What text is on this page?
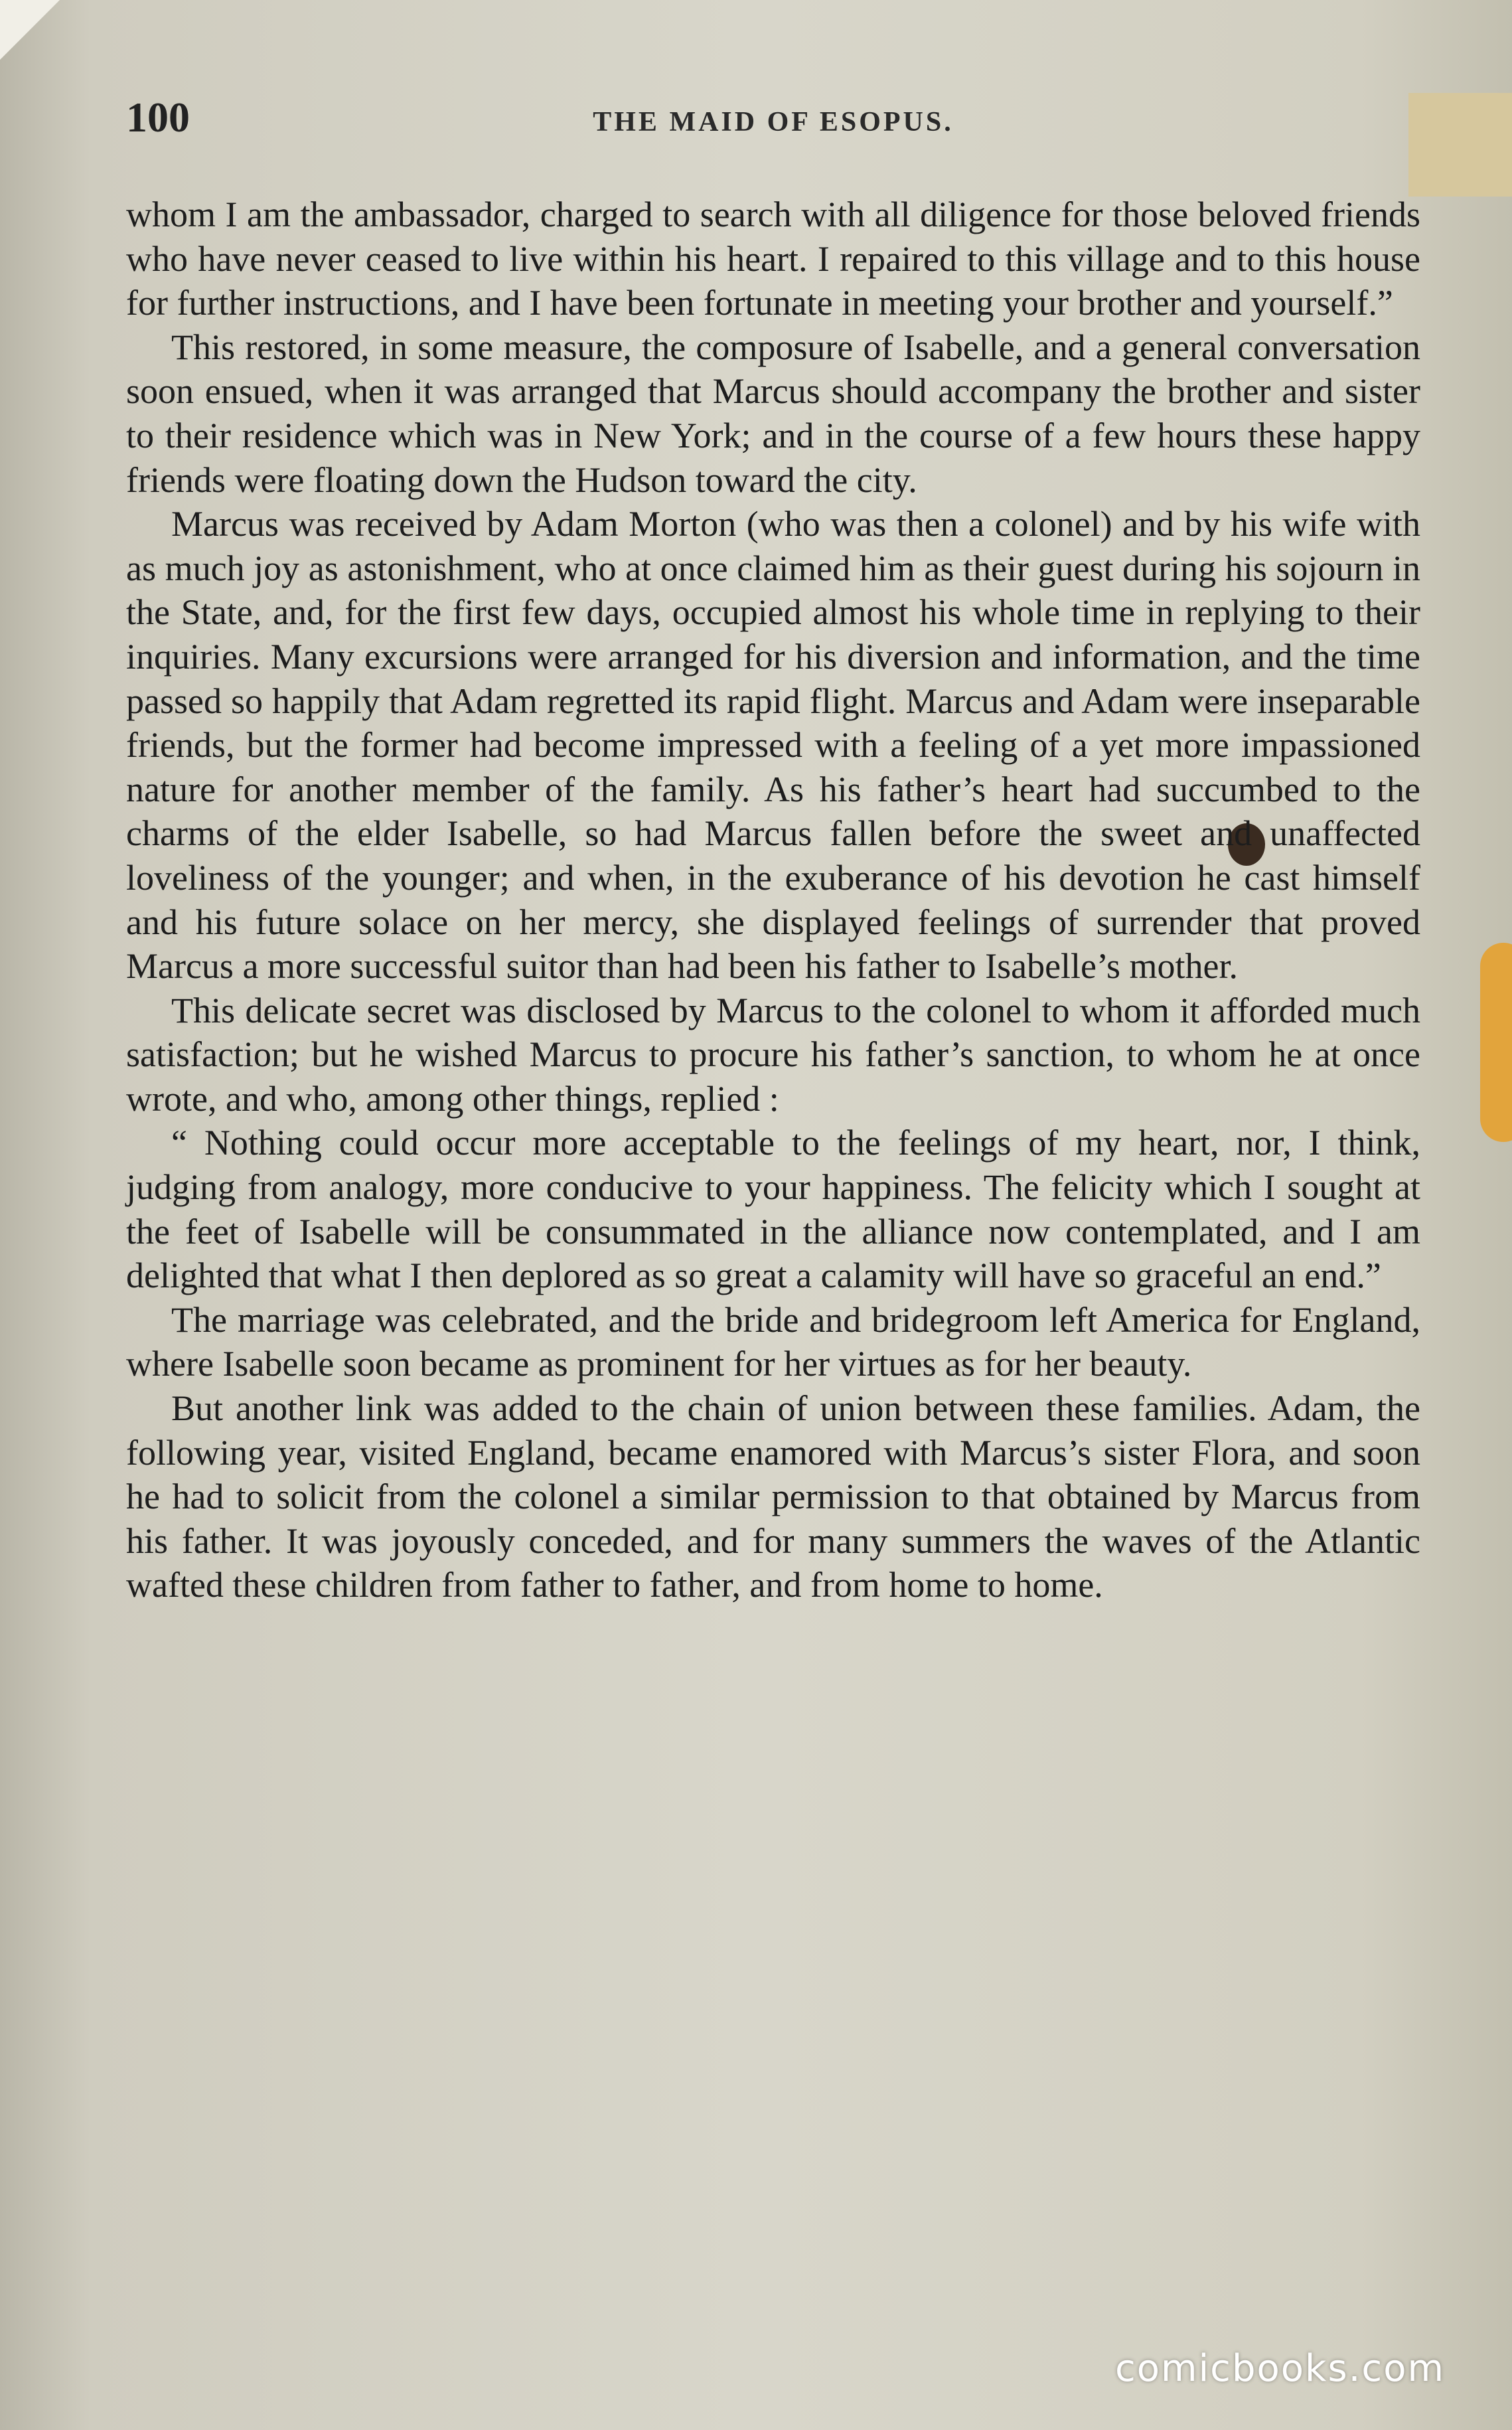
100	THE MAID OF ESOPUS.

whom I am the ambassador, charged to search with all diligence for those beloved friends who have never ceased to live within his heart. I repaired to this village and to this house for further instructions, and I have been fortunate in meeting your brother and yourself.”

This restored, in some measure, the composure of Isabelle, and a general conversation soon ensued, when it was arranged that Marcus should accompany the brother and sister to their residence which was in New York; and in the course of a few hours these happy friends were floating down the Hudson toward the city.

Marcus was received by Adam Morton (who was then a colonel) and by his wife with as much joy as astonishment, who at once claimed him as their guest during his sojourn in the State, and, for the first few days, occupied almost his whole time in replying to their inquiries. Many excursions were arranged for his diversion and information, and the time passed so happily that Adam regretted its rapid flight. Marcus and Adam were inseparable friends, but the former had become impressed with a feeling of a yet more impassioned nature for another member of the family. As his father’s heart had succumbed to the charms of the elder Isabelle, so had Marcus fallen before the sweet and unaffected loveliness of the younger; and when, in the exuberance of his devotion he cast himself and his future solace on her mercy, she displayed feelings of surrender that proved Marcus a more successful suitor than had been his father to Isabelle’s mother.

This delicate secret was disclosed by Marcus to the colonel to whom it afforded much satisfaction; but he wished Marcus to procure his father’s sanction, to whom he at once wrote, and who, among other things, replied :

“ Nothing could occur more acceptable to the feelings of my heart, nor, I think, judging from analogy, more conducive to your happiness. The felicity which I sought at the feet of Isabelle will be consummated in the alliance now contemplated, and I am delighted that what I then deplored as so great a calamity will have so graceful an end.”

The marriage was celebrated, and the bride and bridegroom left America for England, where Isabelle soon became as prominent for her virtues as for her beauty.

But another link was added to the chain of union between these families. Adam, the following year, visited England, became enamored with Marcus’s sister Flora, and soon he had to solicit from the colonel a similar permission to that obtained by Marcus from his father. It was joyously conceded, and for many summers the waves of the Atlantic wafted these children from father to father, and from home to home.

comicbooks.com
